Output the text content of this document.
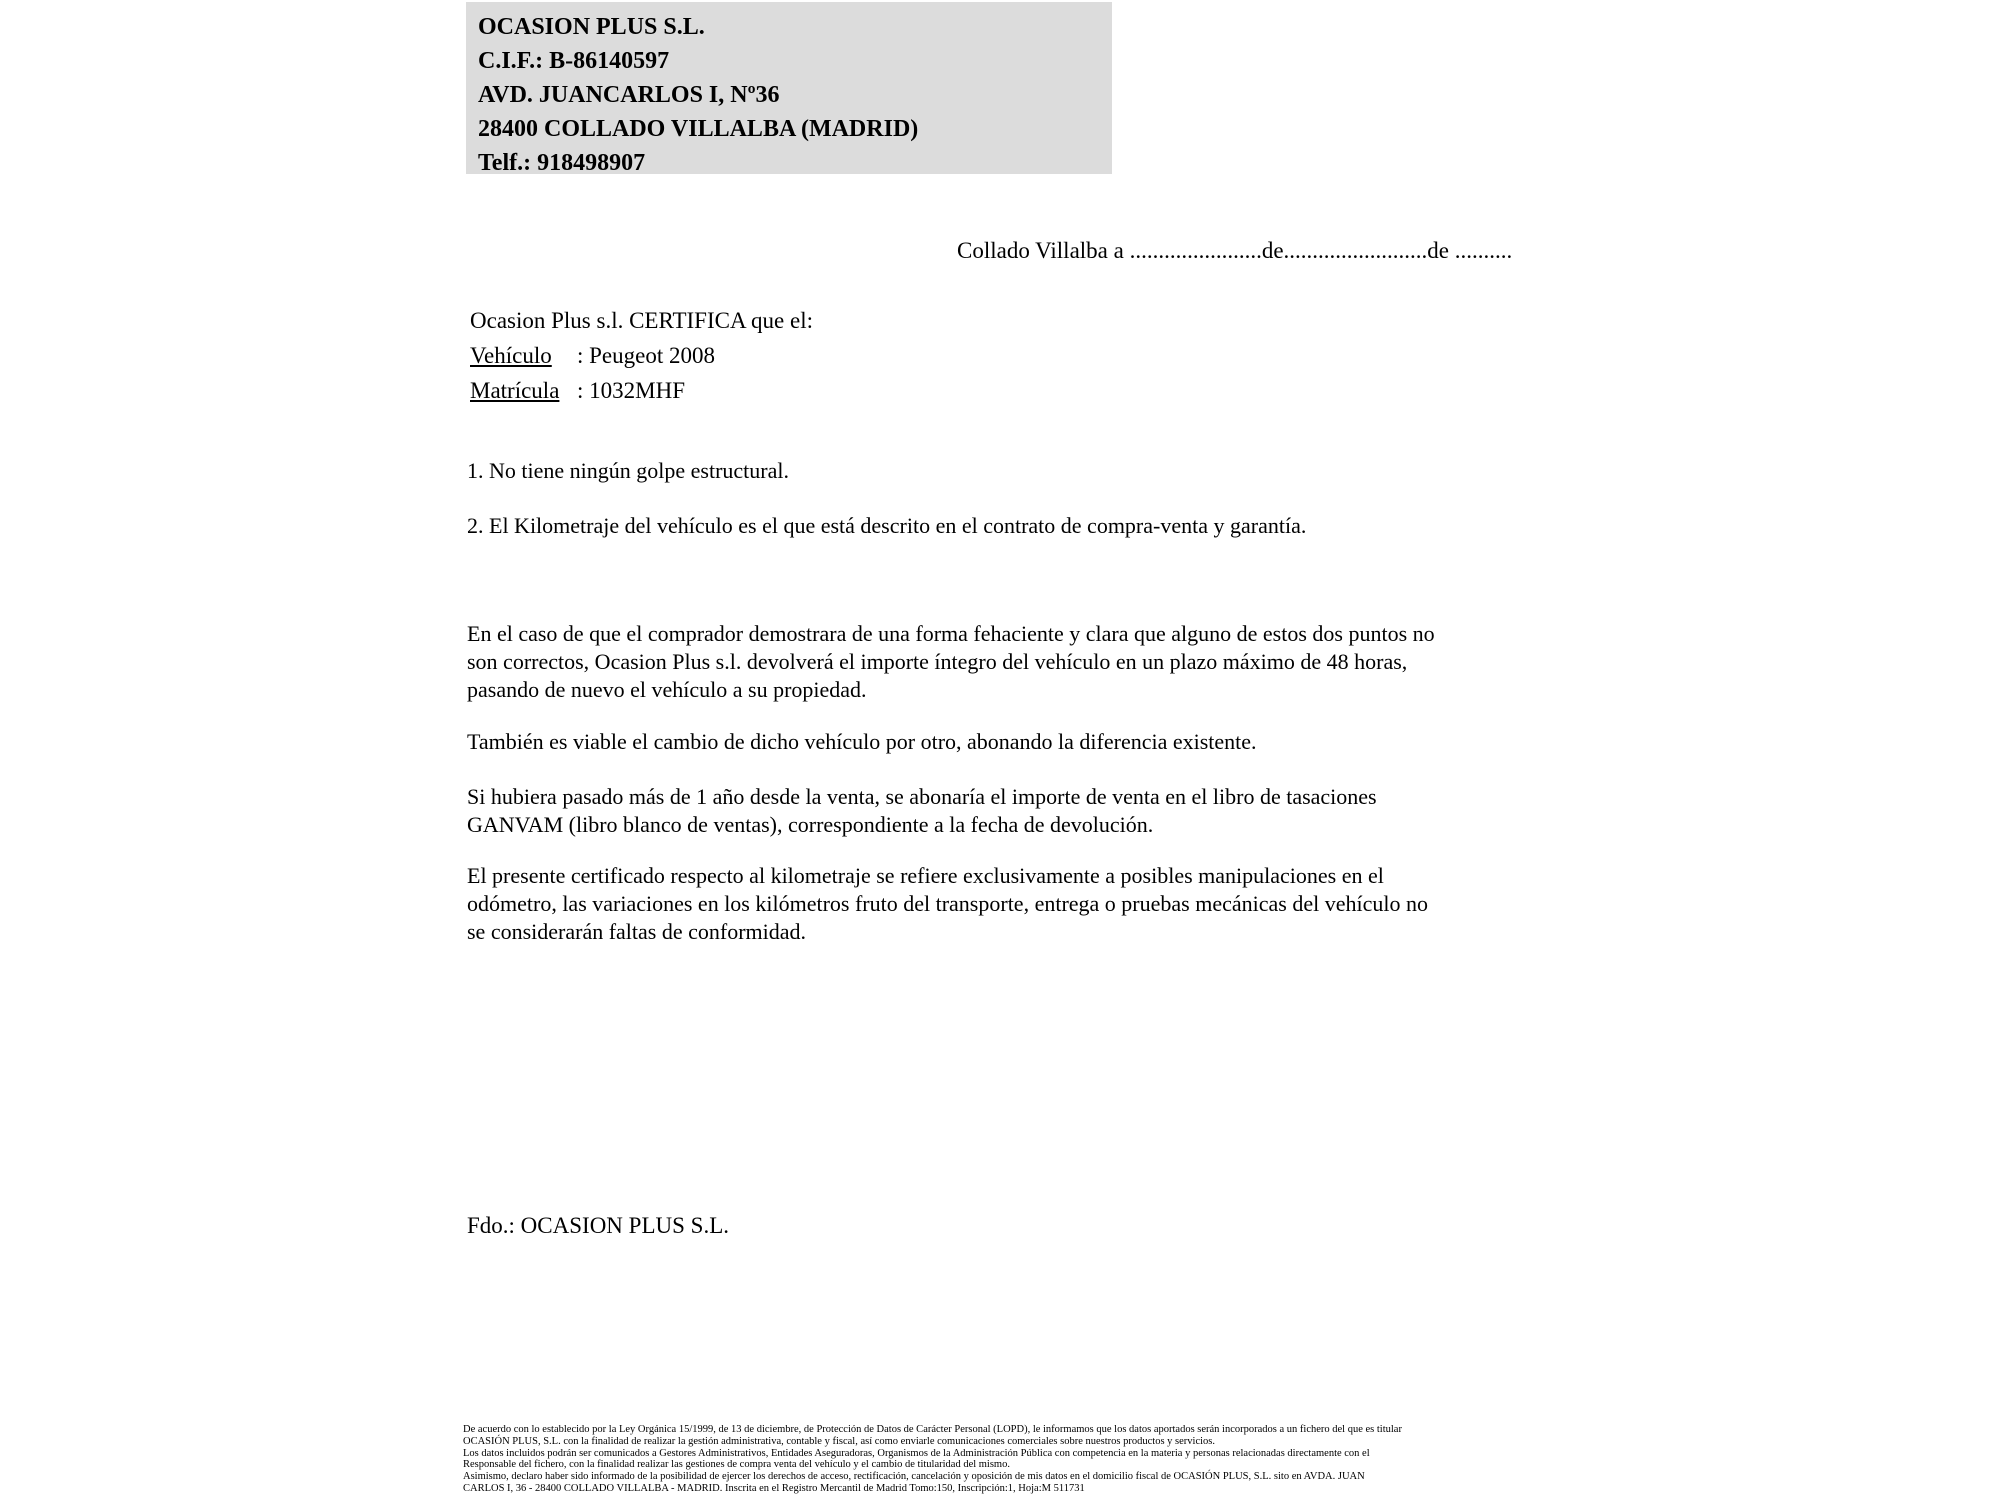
OCASION PLUS S.L.
C.I.F.: B-86140597
AVD. JUANCARLOS I, Nº36
28400 COLLADO VILLALBA (MADRID)
Telf.: 918498907
Collado Villalba a .......................de.........................de ..........
Ocasion Plus s.l. CERTIFICA que el:
Vehículo : Peugeot 2008
Matrícula : 1032MHF
1. No tiene ningún golpe estructural.
2. El Kilometraje del vehículo es el que está descrito en el contrato de compra-venta y garantía.
En el caso de que el comprador demostrara de una forma fehaciente y clara que alguno de estos dos puntos no
son correctos, Ocasion Plus s.l. devolverá el importe íntegro del vehículo en un plazo máximo de 48 horas,
pasando de nuevo el vehículo a su propiedad.
También es viable el cambio de dicho vehículo por otro, abonando la diferencia existente.
Si hubiera pasado más de 1 año desde la venta, se abonaría el importe de venta en el libro de tasaciones
GANVAM (libro blanco de ventas), correspondiente a la fecha de devolución.
El presente certificado respecto al kilometraje se refiere exclusivamente a posibles manipulaciones en el
odómetro, las variaciones en los kilómetros fruto del transporte, entrega o pruebas mecánicas del vehículo no
se considerarán faltas de conformidad.
Fdo.: OCASION PLUS S.L.
De acuerdo con lo establecido por la Ley Orgánica 15/1999, de 13 de diciembre, de Protección de Datos de Carácter Personal (LOPD), le informamos que los datos aportados serán incorporados a un fichero del que es titular
OCASIÓN PLUS, S.L. con la finalidad de realizar la gestión administrativa, contable y fiscal, así como enviarle comunicaciones comerciales sobre nuestros productos y servicios.
Los datos incluidos podrán ser comunicados a Gestores Administrativos, Entidades Aseguradoras, Organismos de la Administración Pública con competencia en la materia y personas relacionadas directamente con el
Responsable del fichero, con la finalidad realizar las gestiones de compra venta del vehículo y el cambio de titularidad del mismo.
Asimismo, declaro haber sido informado de la posibilidad de ejercer los derechos de acceso, rectificación, cancelación y oposición de mis datos en el domicilio fiscal de OCASIÓN PLUS, S.L. sito en AVDA. JUAN
CARLOS I, 36 - 28400 COLLADO VILLALBA - MADRID. Inscrita en el Registro Mercantil de Madrid Tomo:150, Inscripción:1, Hoja:M 511731
